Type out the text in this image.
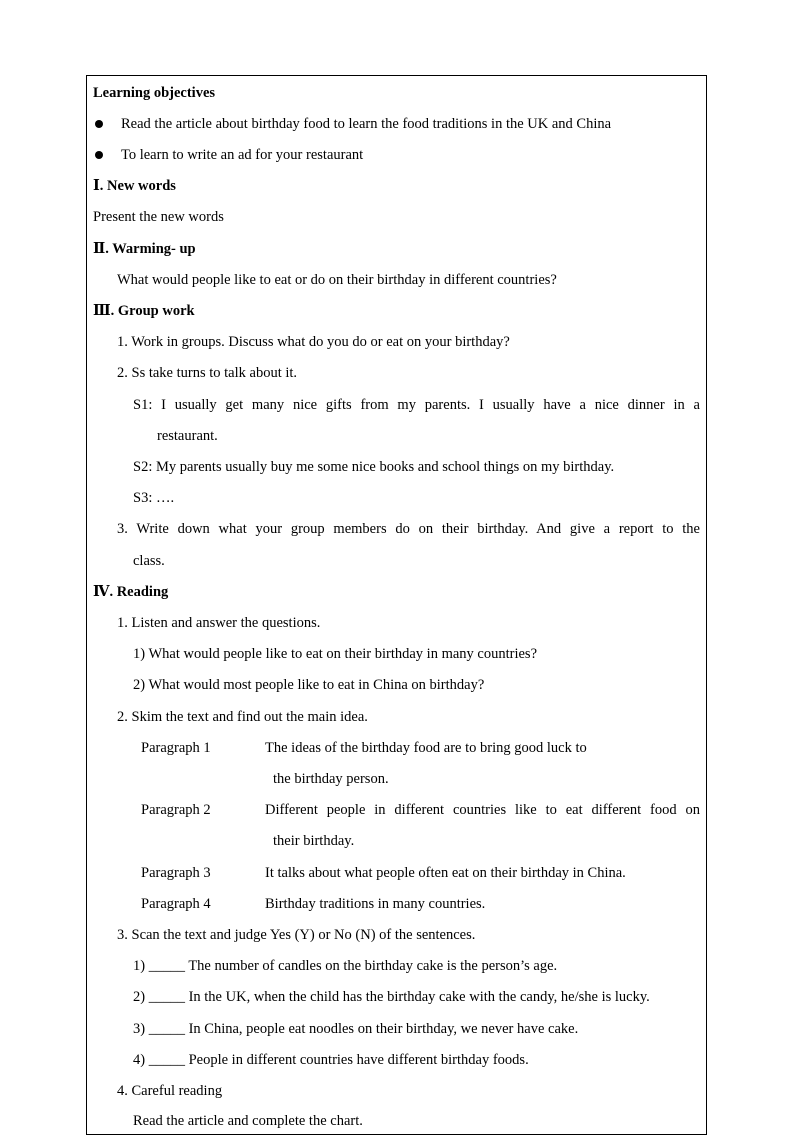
Learning objectives
Read the article about birthday food to learn the food traditions in the UK and China
To learn to write an ad for your restaurant
Ⅰ. New words
Present the new words
Ⅱ. Warming- up
What would people like to eat or do on their birthday in different countries?
Ⅲ. Group work
1. Work in groups. Discuss what do you do or eat on your birthday?
2. Ss take turns to talk about it.
S1: I usually get many nice gifts from my parents. I usually have a nice dinner in a
restaurant.
S2: My parents usually buy me some nice books and school things on my birthday.
S3: ….
3. Write down what your group members do on their birthday. And give a report to the
class.
Ⅳ. Reading
1. Listen and answer the questions.
1) What would people like to eat on their birthday in many countries?
2) What would most people like to eat in China on birthday?
2. Skim the text and find out the main idea.
Paragraph 1	The ideas of the birthday food are to bring good luck to
the birthday person.
Paragraph 2	Different people in different countries like to eat different food on
their birthday.
Paragraph 3	It talks about what people often eat on their birthday in China.
Paragraph 4	Birthday traditions in many countries.
3. Scan the text and judge Yes (Y) or No (N) of the sentences.
1) _____ The number of candles on the birthday cake is the person’s age.
2) _____ In the UK, when the child has the birthday cake with the candy, he/she is lucky.
3) _____ In China, people eat noodles on their birthday, we never have cake.
4) _____ People in different countries have different birthday foods.
4. Careful reading
Read the article and complete the chart.
